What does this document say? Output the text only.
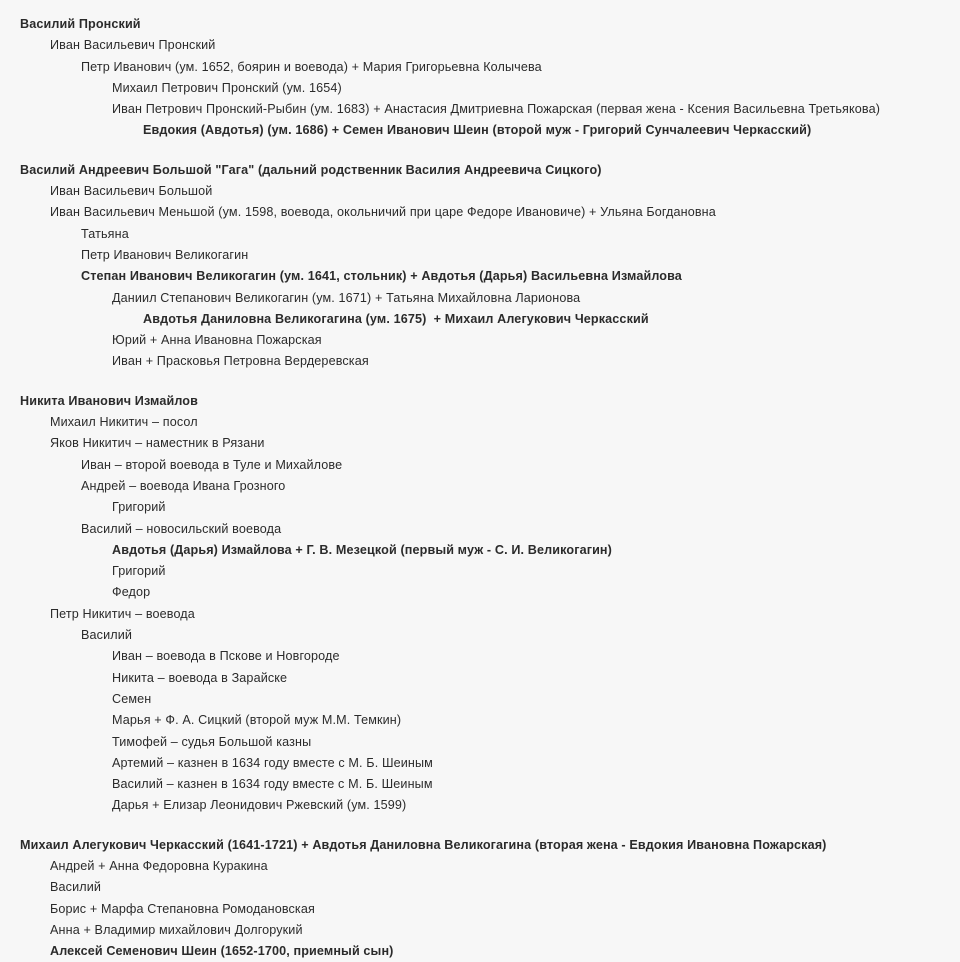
Василий Пронский
Иван Васильевич Пронский
Петр Иванович (ум. 1652, боярин и воевода) + Мария Григорьевна Колычева
Михаил Петрович Пронский (ум. 1654)
Иван Петрович Пронский-Рыбин (ум. 1683) + Анастасия Дмитриевна Пожарская (первая жена - Ксения Васильевна Третьякова)
Евдокия (Авдотья) (ум. 1686) + Семен Иванович Шеин (второй муж - Григорий Сунчалеевич Черкасский)
Василий Андреевич Большой "Гага" (дальний родственник Василия Андреевича Сицкого)
Иван Васильевич Большой
Иван Васильевич Меньшой (ум. 1598, воевода, окольничий при царе Федоре Ивановиче) + Ульяна Богдановна
Татьяна
Петр Иванович Великогагин
Степан Иванович Великогагин (ум. 1641, стольник) + Авдотья (Дарья) Васильевна Измайлова
Даниил Степанович Великогагин (ум. 1671) + Татьяна Михайловна Ларионова
Авдотья Даниловна Великогагина (ум. 1675)  + Михаил Алегукович Черкасский
Юрий + Анна Ивановна Пожарская
Иван + Прасковья Петровна Вердеревская
Никита Иванович Измайлов
Михаил Никитич – посол
Яков Никитич – наместник в Рязани
Иван – второй воевода в Туле и Михайлове
Андрей – воевода Ивана Грозного
Григорий
Василий – новосильский воевода
Авдотья (Дарья) Измайлова + Г. В. Мезецкой (первый муж - С. И. Великогагин)
Григорий
Федор
Петр Никитич – воевода
Василий
Иван – воевода в Пскове и Новгороде
Никита – воевода в Зарайске
Семен
Марья + Ф. А. Сицкий (второй муж М.М. Темкин)
Тимофей – судья Большой казны
Артемий – казнен в 1634 году вместе с М. Б. Шеиным
Василий – казнен в 1634 году вместе с М. Б. Шеиным
Дарья + Елизар Леонидович Ржевский (ум. 1599)
Михаил Алегукович Черкасский (1641-1721) + Авдотья Даниловна Великогагина (вторая жена - Евдокия Ивановна Пожарская)
Андрей + Анна Федоровна Куракина
Василий
Борис + Марфа Степановна Ромодановская
Анна + Владимир михайлович Долгорукий
Алексей Семенович Шеин (1652-1700, приемный сын)
